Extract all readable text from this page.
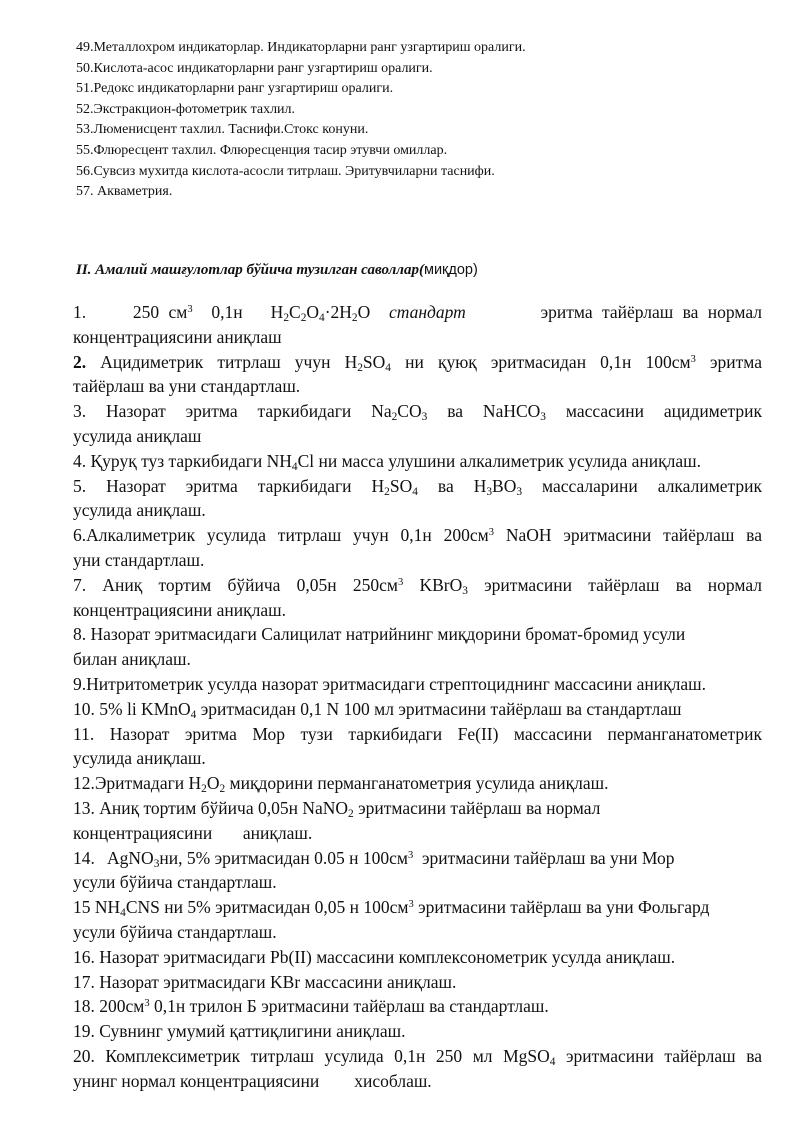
49.Металлохром индикаторлар. Индикаторларни ранг узгартириш оралиги.
50.Кислота-асос индикаторларни ранг узгартириш оралиги.
51.Редокс индикаторларни ранг узгартириш оралиги.
52.Экстракцион-фотометрик тахлил.
53.Люменисцент тахлил. Таснифи.Стокс конуни.
55.Флюресцент тахлил. Флюресценция тасир этувчи омиллар.
56.Сувсиз мухитда кислота-асосли титрлаш. Эритувчиларни таснифи.
57. Акваметрия.
II. Амалий машғулотлар бўйича тузилган саволлар(миқдор)
1.	250 $см^3$ 0,1н $H_2C_2O_4\cdot 2H_2O$ стандарт	эритма тайёрлаш ва нормал
концентрациясини аниқлаш
2. Ацидиметрик титрлаш учун $H_2SO_4$ ни қуюқ эритмасидан 0,1н $100см^3$ эритма
тайёрлаш ва уни стандартлаш.
3. Назорат эритма таркибидаги $Na_2CO_3$ ва NaHCO$_3$ массасини ацидиметрик
усулида аниқлаш
4. Қуруқ туз таркибидаги $NH_4Cl$ ни масса улушини алкалиметрик усулида аниқлаш.
5. Назорат эритма таркибидаги $H_2SO_4$ ва $H_3BO_3$ массаларини алкалиметрик
усулида аниқлаш.
6.Алкалиметрик усулида титрлаш учун 0,1н $200см^3$ NaOH эритмасини тайёрлаш ва
уни стандартлаш.
7. Аниқ тортим бўйича 0,05н $250см^3$ KBrO$_3$ эритмасини тайёрлаш ва нормал
концентрациясини аниқлаш.
8. Назорат эритмасидаги Салицилат натрийнинг миқдорини бромат-бромид усули
билан аниқлаш.
9.Нитритометрик усулда назорат эритмасидаги стрептоциднинг массасини аниқлаш.
10. 5% li KMnO$_4$ эритмасидан 0,1 N 100 мл эритмасини тайёрлаш ва стандартлаш
11. Назорат эритма Мор тузи таркибидаги Fe(II) массасини перманганатометрик
усулида аниқлаш.
12.Эритмадаги $H_2O_2$ миқдорини перманганатометрия усулида аниқлаш.
13. Аниқ тортим бўйича 0,05н NaNO$_2$ эритмасини тайёрлаш ва нормал
концентрациясини       аниқлаш.
14.   AgNO$_3$ни, 5% эритмасидан 0.05 н $100см^3$  эритмасини тайёрлаш ва уни Мор
усули бўйича стандартлаш.
15 $NH_4CNS$ ни 5% эритмасидан 0,05 н $100см^3$ эритмасини тайёрлаш ва уни Фольгард
усули бўйича стандартлаш.
16. Назорат эритмасидаги Pb(II) массасини комплексонометрик усулда аниқлаш.
17. Назорат эритмасидаги KBr массасини аниқлаш.
18. $200см^3$ 0,1н трилон Б эритмасини тайёрлаш ва стандартлаш.
19. Сувнинг умумий қаттиқлигини аниқлаш.
20. Комплексиметрик титрлаш усулида 0,1н 250 мл MgSO$_4$ эритмасини тайёрлаш ва
унинг нормал концентрациясини        хисоблаш.
